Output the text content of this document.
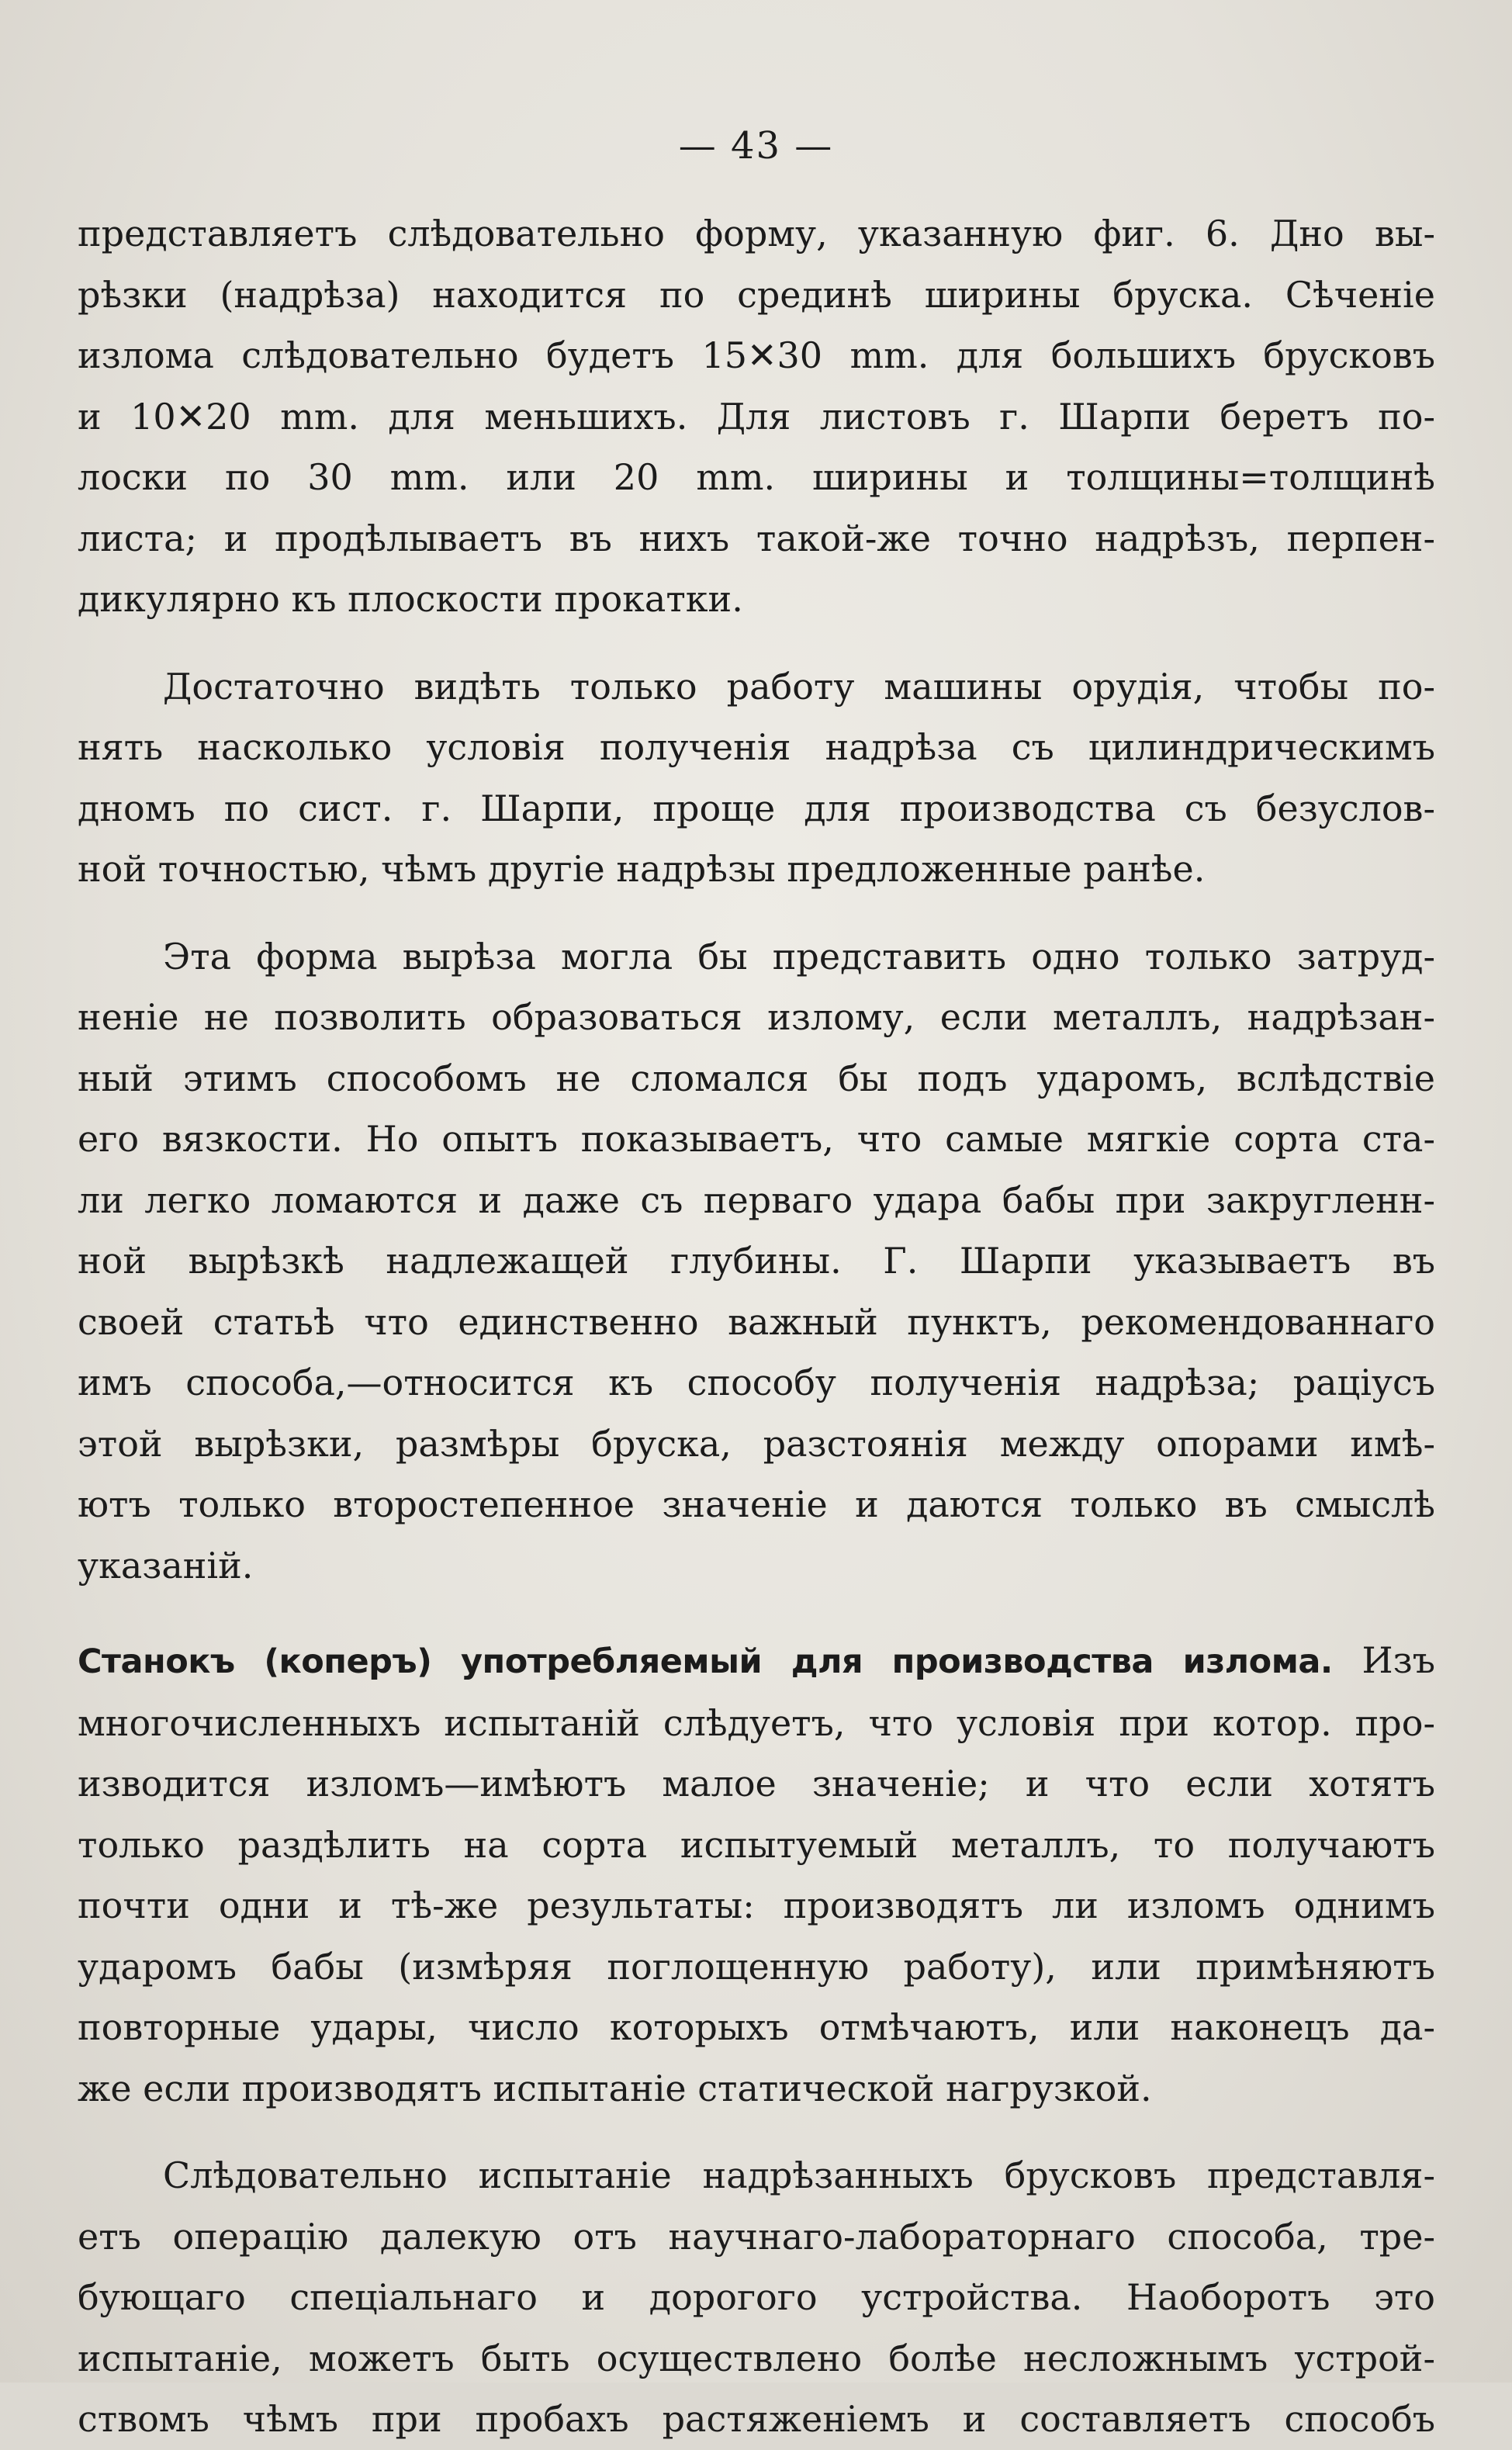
— 43 —

представляетъ слѣдовательно форму, указанную фиг. 6. Дно вы-
рѣзки (надрѣза) находится по срединѣ ширины бруска. Сѣченіе
излома слѣдовательно будетъ 15✕30 mm. для большихъ брусковъ
и 10✕20 mm. для меньшихъ. Для листовъ г. Шарпи беретъ по-
лоски по 30 mm. или 20 mm. ширины и толщины=толщинѣ
листа; и продѣлываетъ въ нихъ такой-же точно надрѣзъ, перпен-
дикулярно къ плоскости прокатки.

Достаточно видѣть только работу машины орудія, чтобы по-
нять насколько условія полученія надрѣза съ цилиндрическимъ
дномъ по сист. г. Шарпи, проще для производства съ безуслов-
ной точностью, чѣмъ другіе надрѣзы предложенные ранѣе.

Эта форма вырѣза могла бы представить одно только затруд-
неніе не позволить образоваться излому, если металлъ, надрѣзан-
ный этимъ способомъ не сломался бы подъ ударомъ, вслѣдствіе
его вязкости. Но опытъ показываетъ, что самые мягкіе сорта ста-
ли легко ломаются и даже съ перваго удара бабы при закругленн-
ной вырѣзкѣ надлежащей глубины. Г. Шарпи указываетъ въ
своей статьѣ что единственно важный пунктъ, рекомендованнаго
имъ способа,—относится къ способу полученія надрѣза; раціусъ
этой вырѣзки, размѣры бруска, разстоянія между опорами имѣ-
ютъ только второстепенное значеніе и даются только въ смыслѣ
указаній.

Станокъ (коперъ) употребляемый для производства излома. Изъ
многочисленныхъ испытаній слѣдуетъ, что условія при котор. про-
изводится изломъ—имѣютъ малое значеніе; и что если хотятъ
только раздѣлить на сорта испытуемый металлъ, то получаютъ
почти одни и тѣ-же результаты: производятъ ли изломъ однимъ
ударомъ бабы (измѣряя поглощенную работу), или примѣняютъ
повторные удары, число которыхъ отмѣчаютъ, или наконецъ да-
же если производятъ испытаніе статической нагрузкой.

Слѣдовательно испытаніе надрѣзанныхъ брусковъ представля-
етъ операцію далекую отъ научнаго-лабораторнаго способа, тре-
бующаго спеціальнаго и дорогого устройства. Наоборотъ это
испытаніе, можетъ быть осуществлено болѣе несложнымъ устрой-
ствомъ чѣмъ при пробахъ растяженіемъ и составляетъ способъ
